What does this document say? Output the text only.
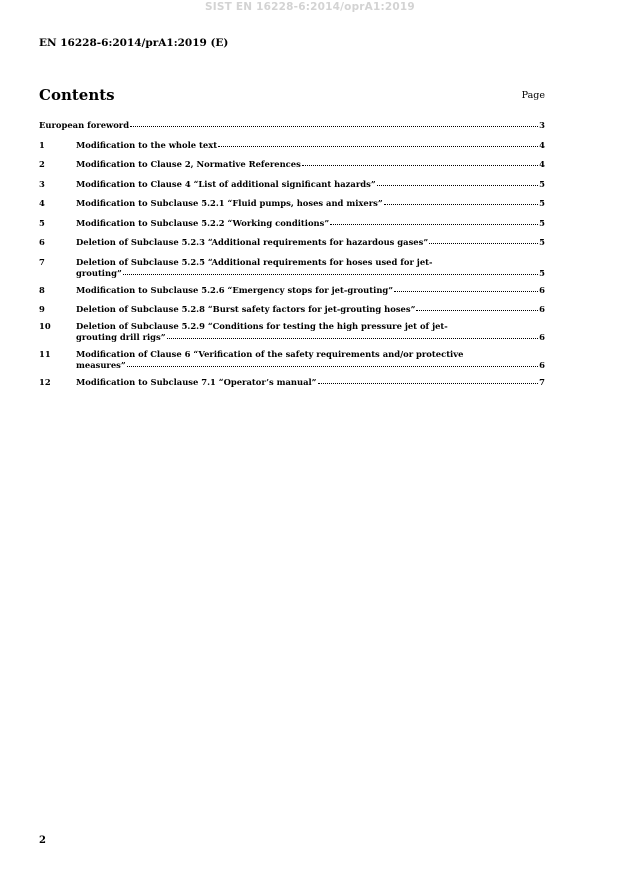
SIST EN 16228-6:2014/oprA1:2019
EN 16228-6:2014/prA1:2019 (E)
Contents	Page
European foreword	3
1	Modification to the whole text	4
2	Modification to Clause 2, Normative References	4
3	Modification to Clause 4 “List of additional significant hazards”	5
4	Modification to Subclause 5.2.1 “Fluid pumps, hoses and mixers”	5
5	Modification to Subclause 5.2.2 “Working conditions”	5
6	Deletion of Subclause 5.2.3 “Additional requirements for hazardous gases”	5
7	Deletion of Subclause 5.2.5 “Additional requirements for hoses used for jet-
grouting”	5
8	Modification to Subclause 5.2.6 “Emergency stops for jet-grouting”	6
9	Deletion of Subclause 5.2.8 “Burst safety factors for jet-grouting hoses”	6
10	Deletion of Subclause 5.2.9 “Conditions for testing the high pressure jet of jet-
grouting drill rigs”	6
11	Modification of Clause 6 “Verification of the safety requirements and/or protective
measures”	6
12	Modification to Subclause 7.1 “Operator’s manual”	7
2
